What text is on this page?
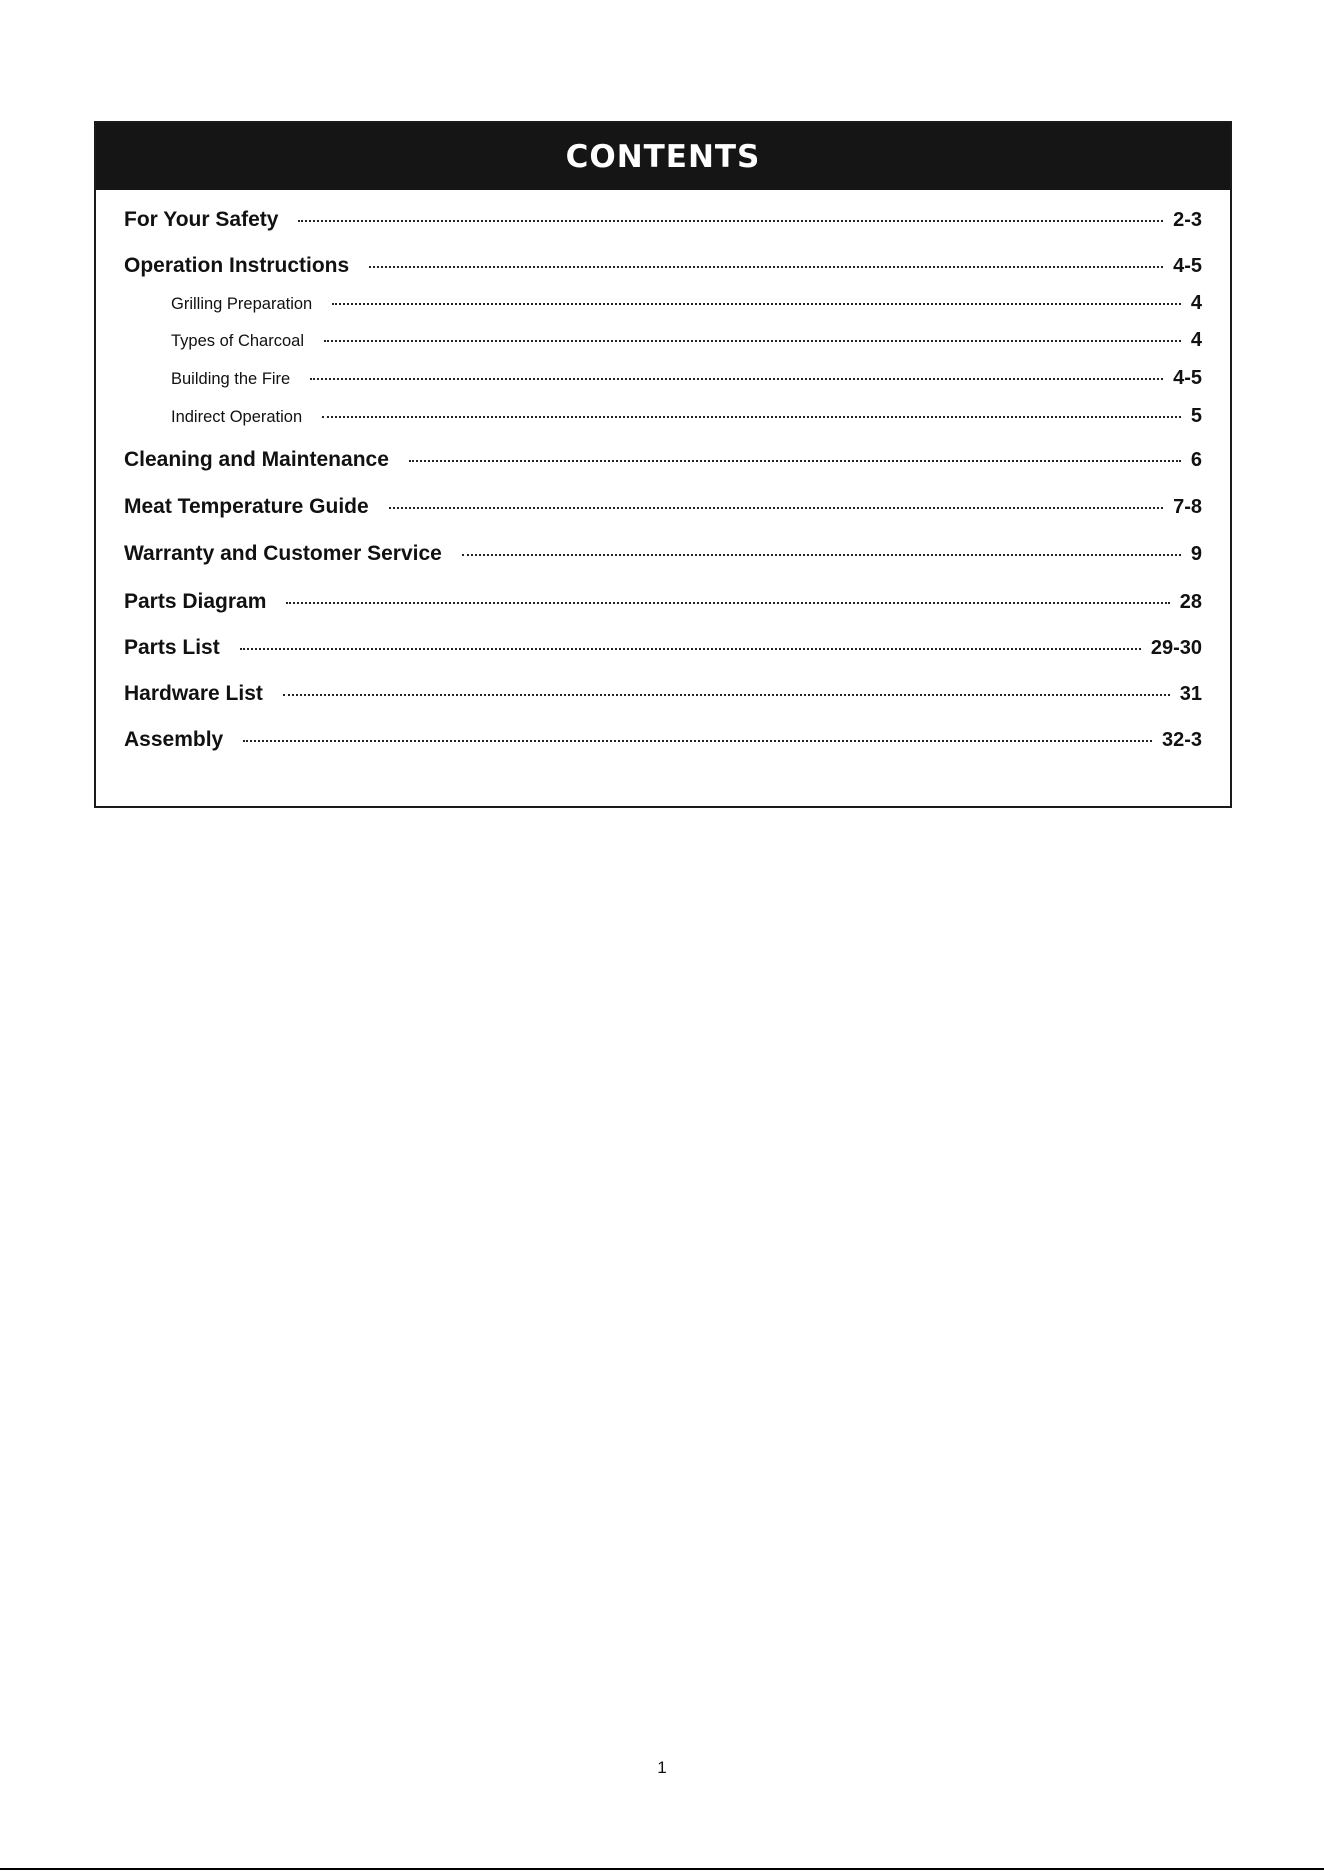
CONTENTS
For Your Safety	2-3
Operation Instructions	4-5
Grilling Preparation	4
Types of Charcoal	4
Building the Fire	4-5
Indirect Operation	5
Cleaning and Maintenance	6
Meat Temperature Guide	7-8
Warranty and Customer Service	9
Parts Diagram	28
Parts List	29-30
Hardware List	31
Assembly	32-3
1
